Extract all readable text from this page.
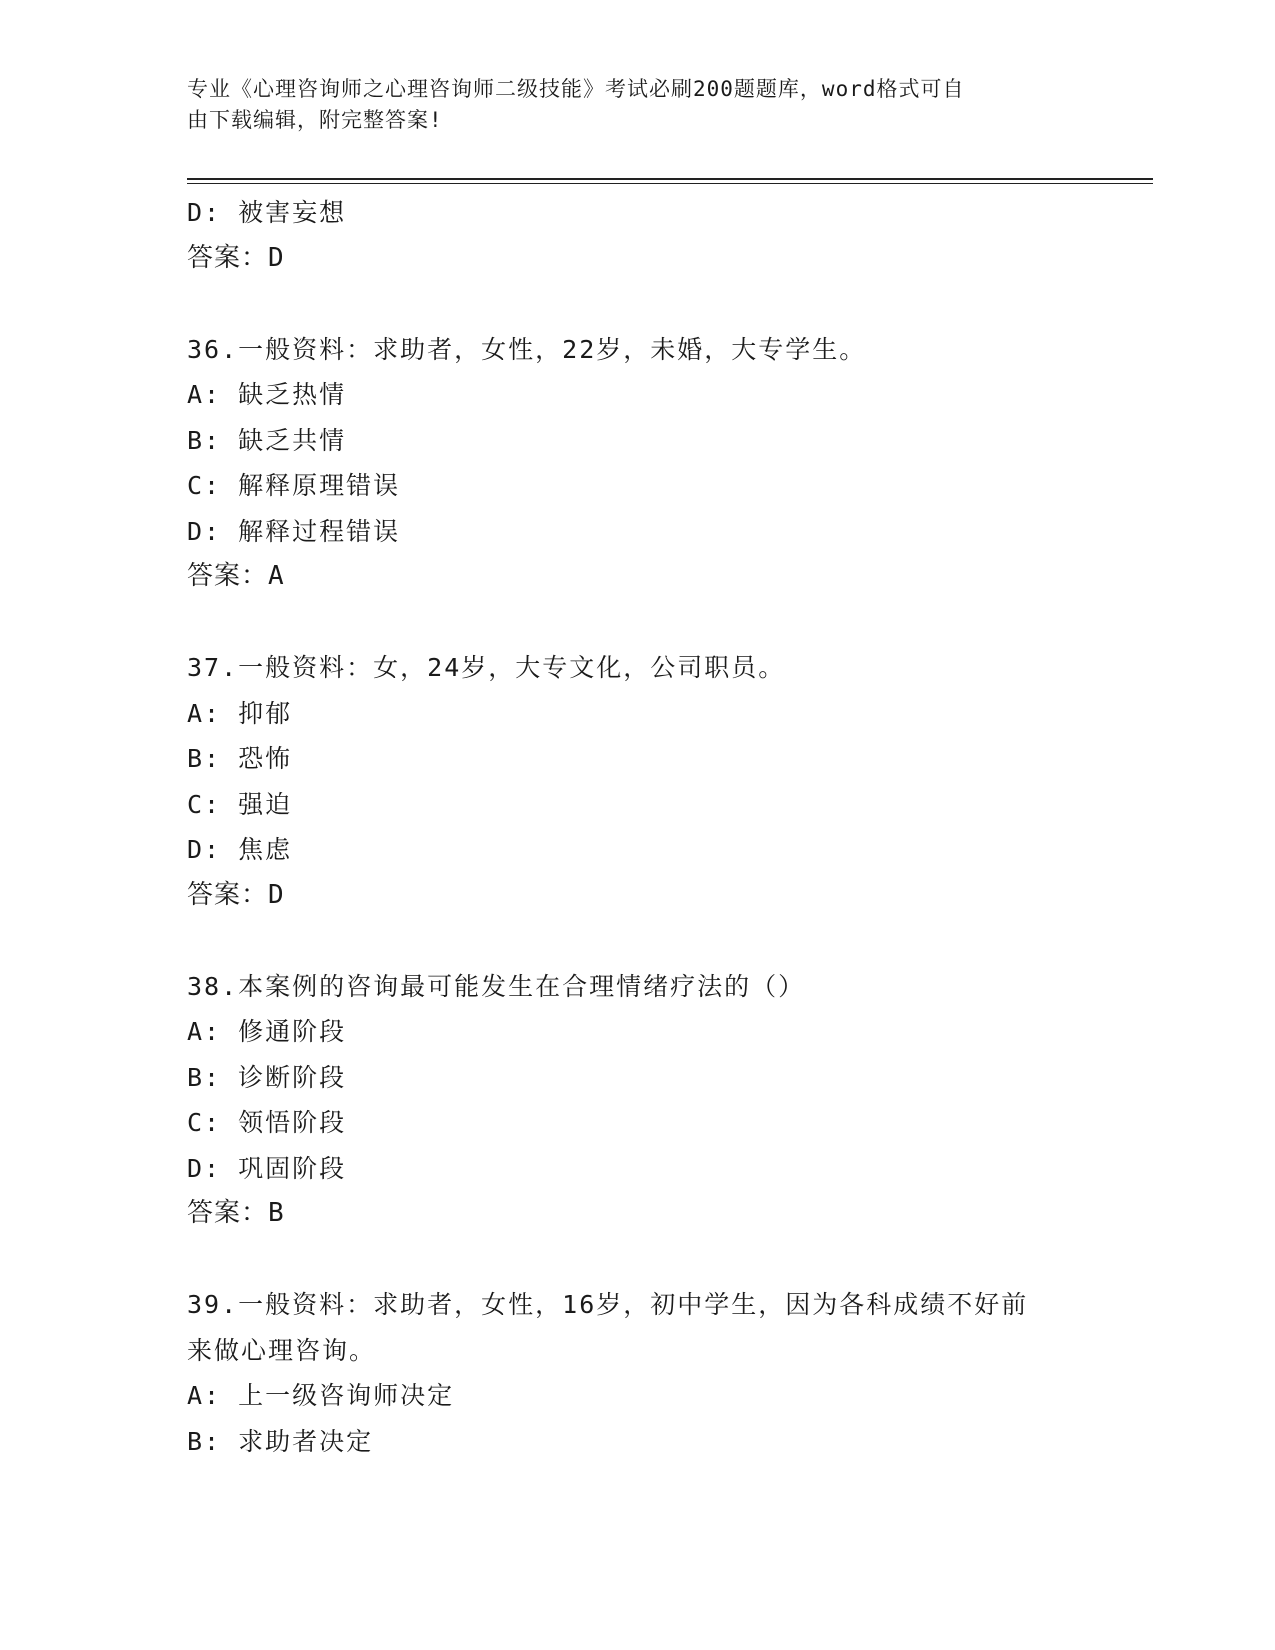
专业《心理咨询师之心理咨询师二级技能》考试必刷200题题库，word格式可自
由下载编辑，附完整答案!
D: 被害妄想
答案：D
36.一般资料：求助者，女性，22岁，未婚，大专学生。
A: 缺乏热情
B: 缺乏共情
C: 解释原理错误
D: 解释过程错误
答案：A
37.一般资料：女，24岁，大专文化，公司职员。
A: 抑郁
B: 恐怖
C: 强迫
D: 焦虑
答案：D
38.本案例的咨询最可能发生在合理情绪疗法的（）
A: 修通阶段
B: 诊断阶段
C: 领悟阶段
D: 巩固阶段
答案：B
39.一般资料：求助者，女性，16岁，初中学生，因为各科成绩不好前
来做心理咨询。
A: 上一级咨询师决定
B: 求助者决定
